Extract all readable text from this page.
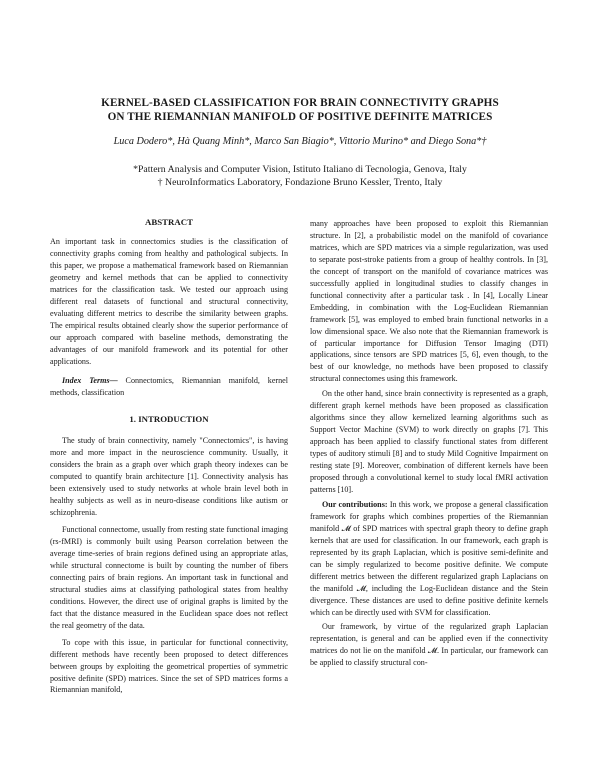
KERNEL-BASED CLASSIFICATION FOR BRAIN CONNECTIVITY GRAPHS
ON THE RIEMANNIAN MANIFOLD OF POSITIVE DEFINITE MATRICES
Luca Dodero*, Hà Quang Minh*, Marco San Biagio*, Vittorio Murino* and Diego Sona*†
*Pattern Analysis and Computer Vision, Istituto Italiano di Tecnologia, Genova, Italy
† NeuroInformatics Laboratory, Fondazione Bruno Kessler, Trento, Italy
ABSTRACT

An important task in connectomics studies is the classification of connectivity graphs coming from healthy and pathological subjects. In this paper, we propose a mathematical framework based on Riemannian geometry and kernel methods that can be applied to connectivity matrices for the classification task. We tested our approach using different real datasets of functional and structural connectivity, evaluating different metrics to describe the similarity between graphs. The empirical results obtained clearly show the superior performance of our approach compared with baseline methods, demonstrating the advantages of our manifold framework and its potential for other applications.

Index Terms— Connectomics, Riemannian manifold, kernel methods, classification

1. INTRODUCTION

The study of brain connectivity, namely "Connectomics", is having more and more impact in the neuroscience community. Usually, it considers the brain as a graph over which graph theory indexes can be computed to quantify brain architecture [1]. Connectivity analysis has been extensively used to study networks at whole brain level both in healthy subjects as well as in neuro-disease conditions like autism or schizophrenia.

Functional connectome, usually from resting state functional imaging (rs-fMRI) is commonly built using Pearson correlation between the average time-series of brain regions defined using an appropriate atlas, while structural connectome is built by counting the number of fibers connecting pairs of brain regions. An important task in functional and structural studies aims at classifying pathological states from healthy conditions. However, the direct use of original graphs is limited by the fact that the distance measured in the Euclidean space does not reflect the real geometry of the data.

To cope with this issue, in particular for functional connectivity, different methods have recently been proposed to detect differences between groups by exploiting the geometrical properties of symmetric positive definite (SPD) matrices. Since the set of SPD matrices forms a Riemannian manifold,

many approaches have been proposed to exploit this Riemannian structure. In [2], a probabilistic model on the manifold of covariance matrices, which are SPD matrices via a simple regularization, was used to separate post-stroke patients from a group of healthy controls. In [3], the concept of transport on the manifold of covariance matrices was successfully applied in longitudinal studies to classify changes in functional connectivity after a particular task . In [4], Locally Linear Embedding, in combination with the Log-Euclidean Riemannian framework [5], was employed to embed brain functional networks in a low dimensional space. We also note that the Riemannian framework is of particular importance for Diffusion Tensor Imaging (DTI) applications, since tensors are SPD matrices [5, 6], even though, to the best of our knowledge, no methods have been proposed to classify structural connectomes using this framework.

On the other hand, since brain connectivity is represented as a graph, different graph kernel methods have been proposed as classification algorithms since they allow kernelized learning algorithms such as Support Vector Machine (SVM) to work directly on graphs [7]. This approach has been applied to classify functional states from different types of auditory stimuli [8] and to study Mild Cognitive Impairment on resting state [9]. Moreover, combination of different kernels have been proposed through a convolutional kernel to study local fMRI activation patterns [10].

Our contributions: In this work, we propose a general classification framework for graphs which combines properties of the Riemannian manifold 𝓜 of SPD matrices with spectral graph theory to define graph kernels that are used for classification. In our framework, each graph is represented by its graph Laplacian, which is positive semi-definite and can be simply regularized to become positive definite. We compute different metrics between the different regularized graph Laplacians on the manifold 𝓜, including the Log-Euclidean distance and the Stein divergence. These distances are used to define positive definite kernels which can be directly used with SVM for classification.

Our framework, by virtue of the regularized graph Laplacian representation, is general and can be applied even if the connectivity matrices do not lie on the manifold 𝓜. In particular, our framework can be applied to classify structural con-
